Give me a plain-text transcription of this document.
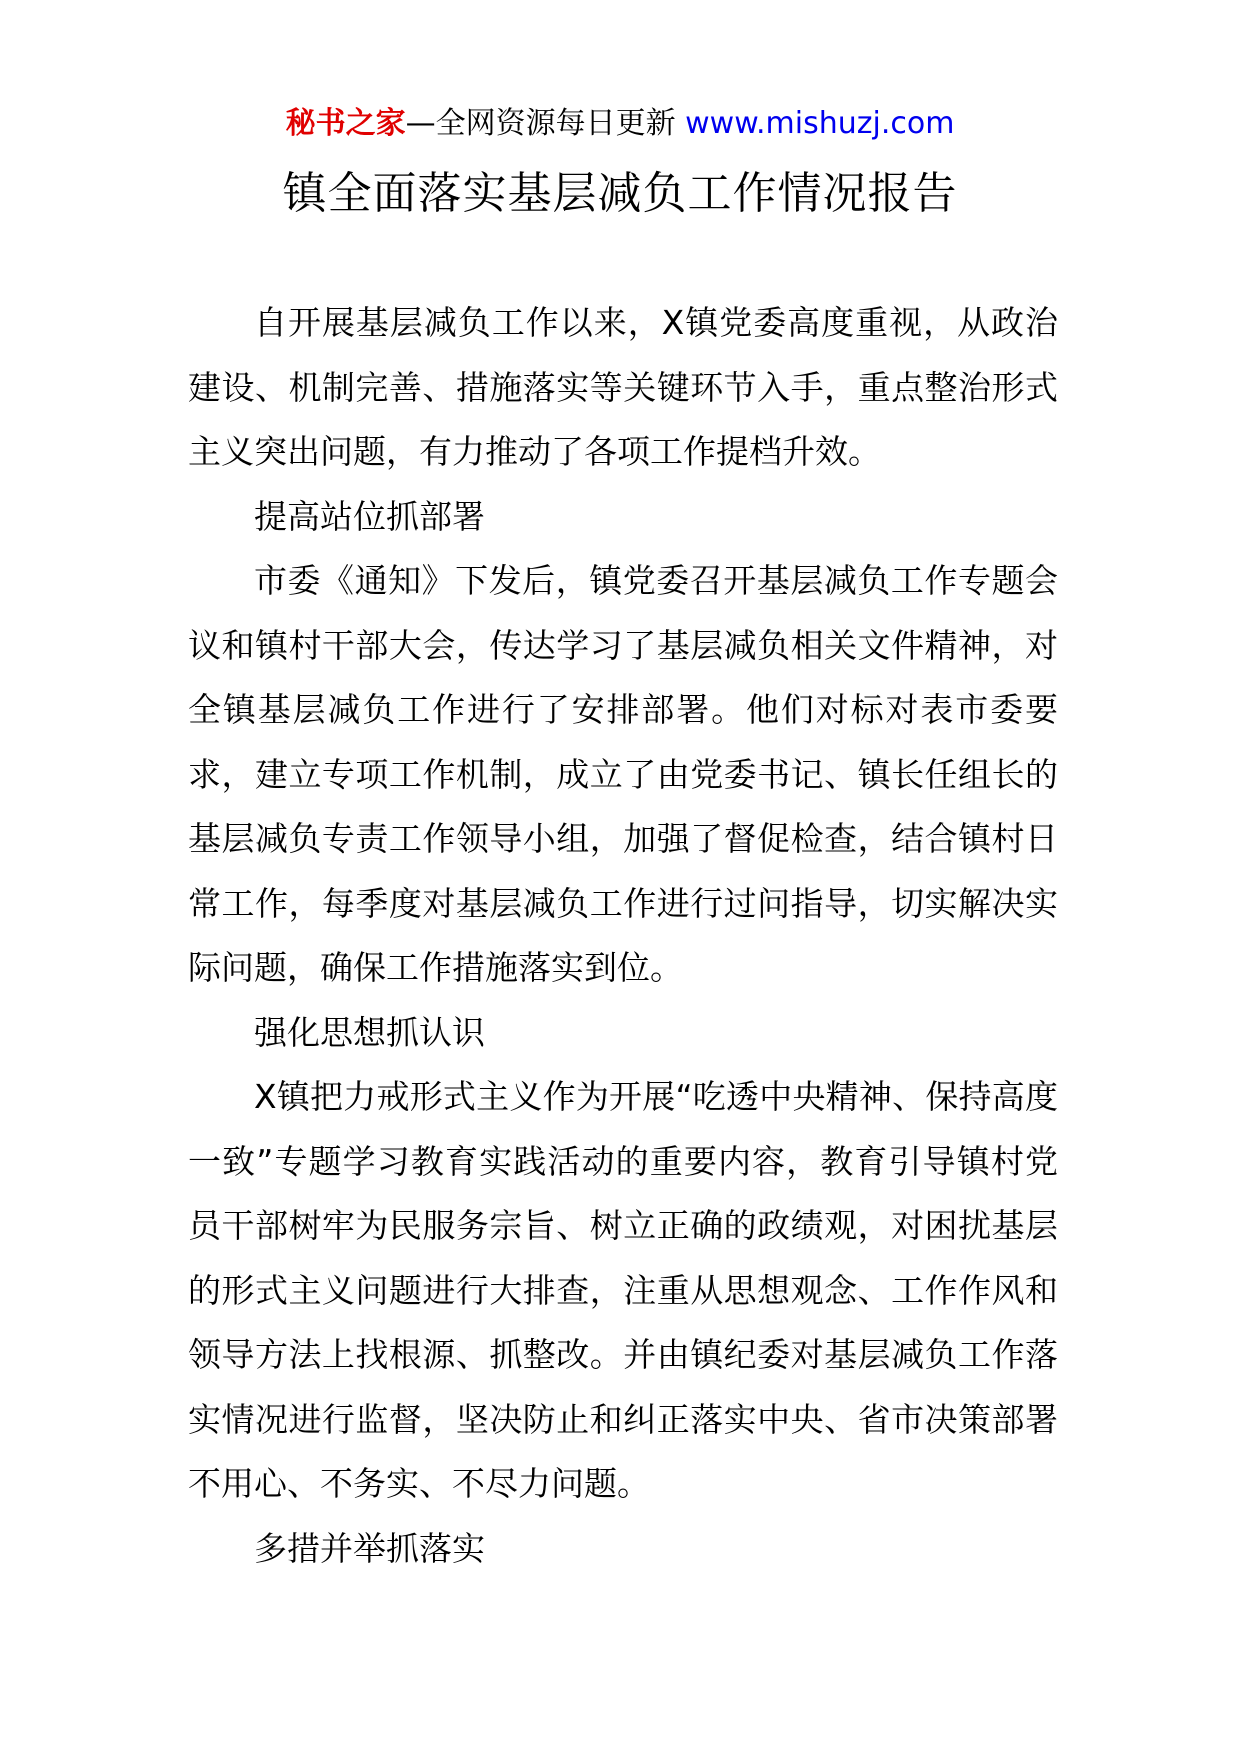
秘书之家—全网资源每日更新 www.mishuzj.com
镇全面落实基层减负工作情况报告

自开展基层减负工作以来，X镇党委高度重视，从政治建设、机制完善、措施落实等关键环节入手，重点整治形式主义突出问题，有力推动了各项工作提档升效。

提高站位抓部署

市委《通知》下发后，镇党委召开基层减负工作专题会议和镇村干部大会，传达学习了基层减负相关文件精神，对全镇基层减负工作进行了安排部署。他们对标对表市委要求，建立专项工作机制，成立了由党委书记、镇长任组长的基层减负专责工作领导小组，加强了督促检查，结合镇村日常工作，每季度对基层减负工作进行过问指导，切实解决实际问题，确保工作措施落实到位。

强化思想抓认识

X镇把力戒形式主义作为开展“吃透中央精神、保持高度一致”专题学习教育实践活动的重要内容，教育引导镇村党员干部树牢为民服务宗旨、树立正确的政绩观，对困扰基层的形式主义问题进行大排查，注重从思想观念、工作作风和领导方法上找根源、抓整改。并由镇纪委对基层减负工作落实情况进行监督，坚决防止和纠正落实中央、省市决策部署不用心、不务实、不尽力问题。

多措并举抓落实
